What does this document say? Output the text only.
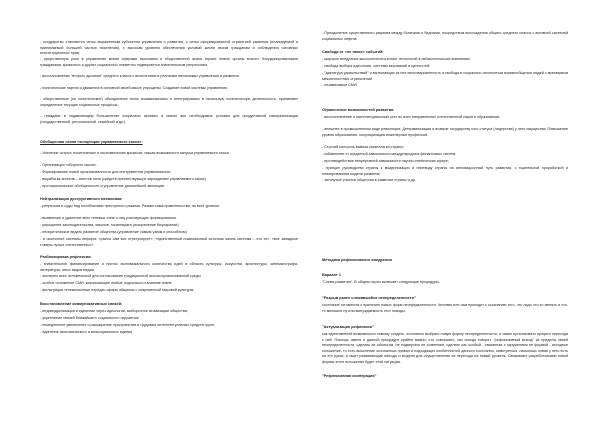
- государство становится четко выраженным субъектом управления и развития, с четко сформированной стратегией развития (планируемой и принимаемой большей частью населения), с высоким уровнем обеспечения условий жизни своим гражданам и соблюдения основных конституционных прав;
- существенную роль в управлении всеми сферами экономики и общественной жизни играют новые органы власти. Координированными гражданами, кризисных и других социальных элементы подвергается значительным репрессиям.
- восстановление "второго дыхания" среднего класса с включением в реальные механизмы управления и развития;
- политические партии и движения в основной своей массе упрощены. Создание новой системы управления
- общественные (не политические) объединения тесно взаимосвязаны и интегрированы в начальную политическую деятельность, принимают определение текущие социальные процессы;
- граждане в подавляющем большинстве социально активны и имеют все необходимые условия для продуктивной самореализации (государственной, региональной, семейной и др.).
Обобщенная схема «концепции управляемого хаоса»:
- Усиление острых политических и экономических кризисов, лишая возможности запуска управляемого хаоса.
- Организация «сборного хаоса».
- Формирование новой организованности для инструментов управляемости.
- выработка агентов – агентов поля (средств препятствующих зарождению управляемого хаоса)
- протокрилическое обобщенность и управление дальнейшей эволюции.
Нейтрализация деструктивного механизма:
- репрессии и суды над пособниками преступного режима. Развал сама правительства; на всех уровнях.
- выявление и удаление всех теневых схем и лиц участвующих формировании.
- упрощение законодательства, законов, госаппарата (искоренение бюрократии)
- неокритическое ведать развитие общества (управление самым узким и способным)
- и окончение системы информ: «рынок сам все отрегулирует», «единственный номинальный источник жизнь система – это то», «все западные товары лучше отечественных».
Разблокировка рефлексии:
- значительное финансирование и приток экономикального количества идей в области культуры, искусства, архитектуры, кинематографа, литературы, иных видов медиа.
- эксперты всех человеческой для согласования традиционной высокоорганизованной среды
- особое положение СМИ, исключающее любые подполисы и влияние извне
- фильтрация телевизионных передач сферы общения с современной мировой культуры.
Восстановление коммуникативных связей:
- индивидуализация и единение через идеологии, выборочное атомизации общества;
- укрепление связей ближайшего социального окружения
- немедленное увеличение и расширение пространства и трудовых интеллектуальных средств групп;
- единение экономического и межсоциальных единиц
- Преодоление существенного разрыва между богатыми и бедными, посредством восхождения общего среднего класса с активной системой социальных лифтов
Свобода от «не таких» событий:
- широкое внедрение высокотехнологичных технологий в небиологических компаниях
- свобода выбора идеологии, системы верований и ценностей;
- "диктатура удовольствий" и вытекающая из нее многовариантность и свобода в социально-личностном взаимообщении людей с минимумом межличностных ограничений
- независимые СМИ;
Ограничение возможностей развития:
- восстановление и экспоненциальный рост во всех направлениях отечественной науки и образования;
- внешнее в промышленном ряде революции. Детерминизация и возврат государству кого статуса (лидерства) у него имущества. Повышение уровня образования, популяризация инженерных профессий.
- Строгий контроль вывоза капитала из страны;
- избавление от кредитной зависимости международных финансовых систем;
- противодействие непрерывной зависимости научно-технических сфере;
- принцип руководства страны к модернизации и переводу страны на инновационный путь развития, с тщательной проработкой и планированием модели развития;
- затянутые участки общества в развитии страны и др.
Методика рефлексивного внедрения
Вариант 1
"Схема развития". В общем черты включает следующие процедуры:
"Разрыв ранее сложившейся неопределенности"
состояние готовности к принятию новых форм неопределенности. Человек или сам приходит к осознанию того, что надо что-то менять и что-то меньшее ну или вынуждаемость этот поводы.
"Актуализация рефлексии"
как единственной возможности самому создать, осознанно выбрать новую форму неопределенности, а также организовать процесс перехода к ней. Помощь именя и данной процедуре крайне важно, что совершить, как иногда говорят, "рефлексивный выход" за пределы своей неопределенности, сделать ее объектом, не подвергать ее сомнению, сделать как особый - связанная с окружением ее формой - исходное положение, то есть выяснение осознанных правил и подходящих особенностей данного состояния, осмотреться, насколько новая у него есть на его руках, и ищет развивающие методы и модели для осуществления ее перехода на новый уровень. Связывают разработчиками новой формы этого положения будет этой ситуации.
"Рефлексивная кооперация"
